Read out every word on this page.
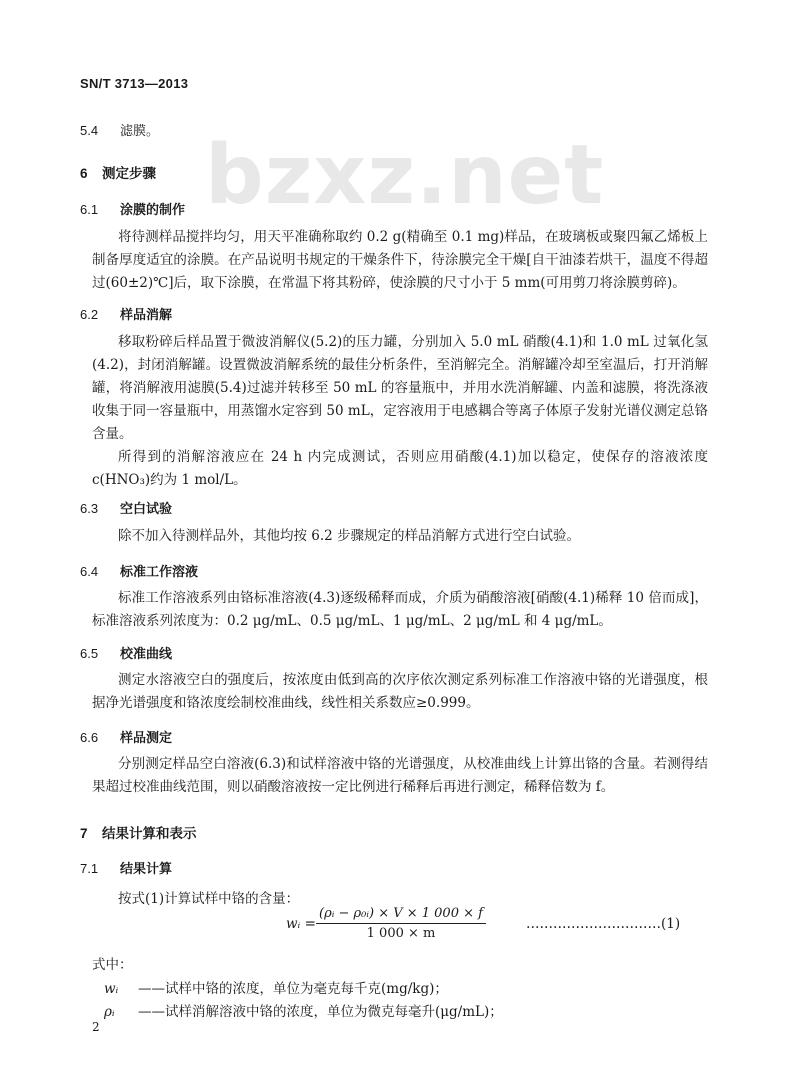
bzxz.net
SN/T 3713—2013
5.4 滤膜。
6 测定步骤
6.1 涂膜的制作
将待测样品搅拌均匀，用天平准确称取约 0.2 g(精确至 0.1 mg)样品，在玻璃板或聚四氟乙烯板上制备厚度适宜的涂膜。在产品说明书规定的干燥条件下，待涂膜完全干燥[自干油漆若烘干，温度不得超过(60±2)℃]后，取下涂膜，在常温下将其粉碎，使涂膜的尺寸小于 5 mm(可用剪刀将涂膜剪碎)。
6.2 样品消解
移取粉碎后样品置于微波消解仪(5.2)的压力罐，分别加入 5.0 mL 硝酸(4.1)和 1.0 mL 过氧化氢(4.2)，封闭消解罐。设置微波消解系统的最佳分析条件，至消解完全。消解罐冷却至室温后，打开消解罐，将消解液用滤膜(5.4)过滤并转移至 50 mL 的容量瓶中，并用水洗消解罐、内盖和滤膜，将洗涤液收集于同一容量瓶中，用蒸馏水定容到 50 mL，定容液用于电感耦合等离子体原子发射光谱仪测定总铬含量。
所得到的消解溶液应在 24 h 内完成测试，否则应用硝酸(4.1)加以稳定，使保存的溶液浓度 c(HNO₃)约为 1 mol/L。
6.3 空白试验
除不加入待测样品外，其他均按 6.2 步骤规定的样品消解方式进行空白试验。
6.4 标准工作溶液
标准工作溶液系列由铬标准溶液(4.3)逐级稀释而成，介质为硝酸溶液[硝酸(4.1)稀释 10 倍而成]，标准溶液系列浓度为：0.2 μg/mL、0.5 μg/mL、1 μg/mL、2 μg/mL 和 4 μg/mL。
6.5 校准曲线
测定水溶液空白的强度后，按浓度由低到高的次序依次测定系列标准工作溶液中铬的光谱强度，根据净光谱强度和铬浓度绘制校准曲线，线性相关系数应≥0.999。
6.6 样品测定
分别测定样品空白溶液(6.3)和试样溶液中铬的光谱强度，从校准曲线上计算出铬的含量。若测得结果超过校准曲线范围，则以硝酸溶液按一定比例进行稀释后再进行测定，稀释倍数为 f。
7 结果计算和表示
7.1 结果计算
按式(1)计算试样中铬的含量：
wᵢ = $\frac{\text{(ρᵢ − ρ₀ᵢ) × V × 1 000 × f}}{1 000 \times m}$	…………………………(1)
式中：
wᵢ ——试样中铬的浓度，单位为毫克每千克(mg/kg)；
ρᵢ ——试样消解溶液中铬的浓度，单位为微克每毫升(μg/mL)；
2
